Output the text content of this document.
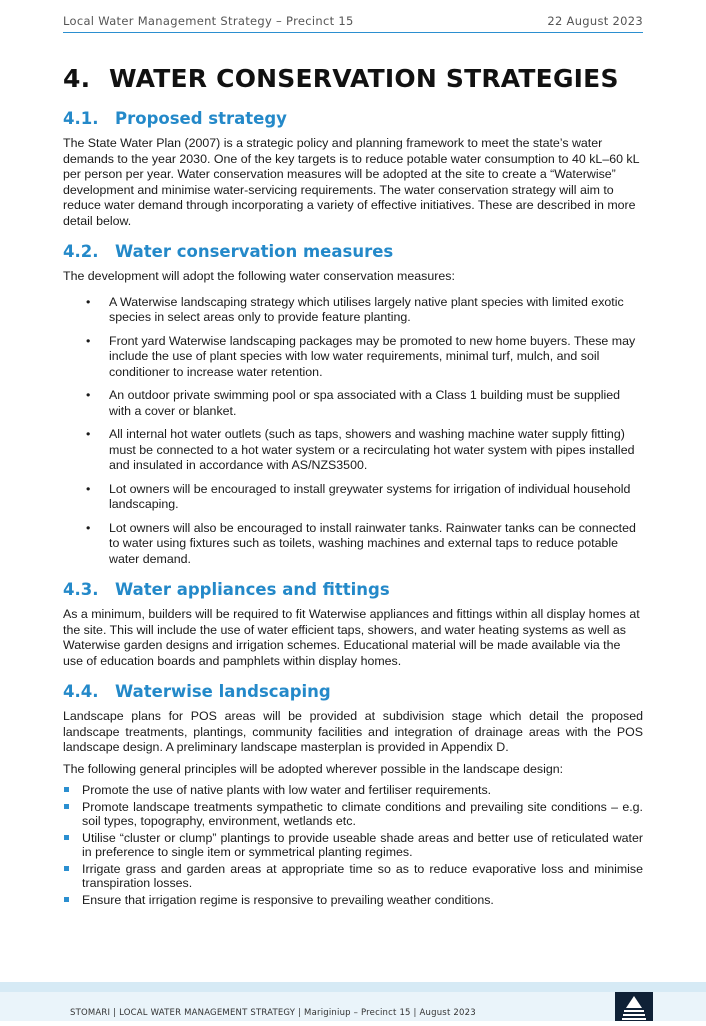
Local Water Management Strategy – Precinct 15	22 August 2023
4. WATER CONSERVATION STRATEGIES
4.1. Proposed strategy

The State Water Plan (2007) is a strategic policy and planning framework to meet the state’s water demands to the year 2030. One of the key targets is to reduce potable water consumption to 40 kL–60 kL per person per year. Water conservation measures will be adopted at the site to create a “Waterwise” development and minimise water-servicing requirements. The water conservation strategy will aim to reduce water demand through incorporating a variety of effective initiatives. These are described in more detail below.

4.2. Water conservation measures

The development will adopt the following water conservation measures:

• A Waterwise landscaping strategy which utilises largely native plant species with limited exotic species in select areas only to provide feature planting.
• Front yard Waterwise landscaping packages may be promoted to new home buyers. These may include the use of plant species with low water requirements, minimal turf, mulch, and soil conditioner to increase water retention.
• An outdoor private swimming pool or spa associated with a Class 1 building must be supplied with a cover or blanket.
• All internal hot water outlets (such as taps, showers and washing machine water supply fitting) must be connected to a hot water system or a recirculating hot water system with pipes installed and insulated in accordance with AS/NZS3500.
• Lot owners will be encouraged to install greywater systems for irrigation of individual household landscaping.
• Lot owners will also be encouraged to install rainwater tanks. Rainwater tanks can be connected to water using fixtures such as toilets, washing machines and external taps to reduce potable water demand.
4.3. Water appliances and fittings

As a minimum, builders will be required to fit Waterwise appliances and fittings within all display homes at the site. This will include the use of water efficient taps, showers, and water heating systems as well as Waterwise garden designs and irrigation schemes. Educational material will be made available via the use of education boards and pamphlets within display homes.

4.4. Waterwise landscaping

Landscape plans for POS areas will be provided at subdivision stage which detail the proposed landscape treatments, plantings, community facilities and integration of drainage areas with the POS landscape design. A preliminary landscape masterplan is provided in Appendix D.

The following general principles will be adopted wherever possible in the landscape design:

Promote the use of native plants with low water and fertiliser requirements.
Promote landscape treatments sympathetic to climate conditions and prevailing site conditions – e.g. soil types, topography, environment, wetlands etc.
Utilise “cluster or clump” plantings to provide useable shade areas and better use of reticulated water in preference to single item or symmetrical planting regimes.
Irrigate grass and garden areas at appropriate time so as to reduce evaporative loss and minimise transpiration losses.
Ensure that irrigation regime is responsive to prevailing weather conditions.
STOMARI | LOCAL WATER MANAGEMENT STRATEGY | Mariginiup – Precinct 15 | August 2023
